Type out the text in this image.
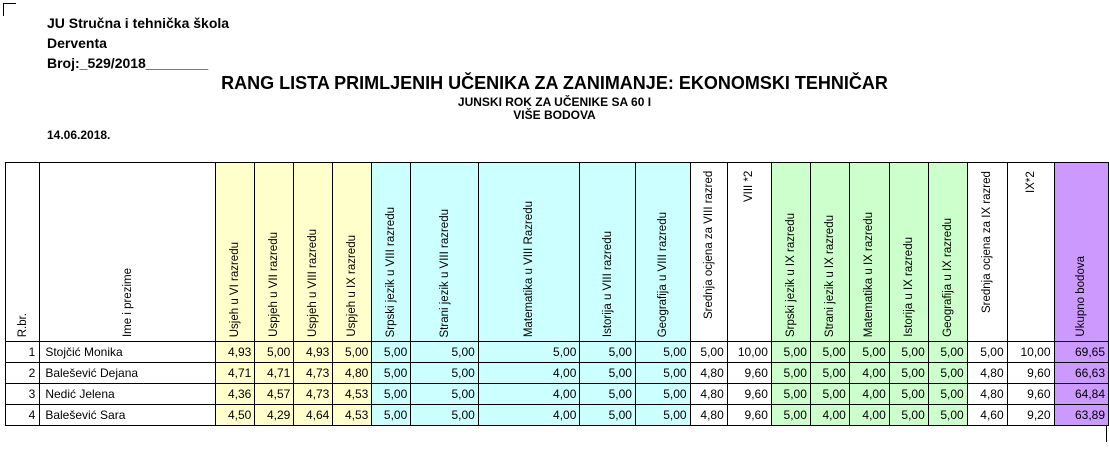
JU Stručna i tehnička škola
Derventa
Broj:_529/2018________
RANG LISTA PRIMLJENIH UČENIKA ZA ZANIMANJE: EKONOMSKI TEHNIČAR
JUNSKI ROK ZA UČENIKE SA 60 I
VIŠE BODOVA
14.06.2018.
R.br.	Ime i prezime	Usjeh u VI razredu	Uspjeh u VII razredu	Uspjeh u VIII razredu	Uspjeh u IX razredu	Srpski jezik u VIII razredu	Strani jezik u VIII razredu	Matematika u VIII Razredu	Istorija u VIII razredu	Geografija u VIII razredu	Srednja ocjena za VIII razred	VIII *2	Srpski jezik u IX razredu	Strani jezik u IX razredu	Matematika u IX razredu	Istorija u IX razredu	Geografija u IX razredu	Srednja ocjena za IX razred	IX*2	Ukupno bodova

1	Stojčić Monika	4,93	5,00	4,93	5,00	5,00	5,00	5,00	5,00	5,00	5,00	10,00	5,00	5,00	5,00	5,00	5,00	5,00	10,00	69,65
2	Balešević Dejana	4,71	4,71	4,73	4,80	5,00	5,00	4,00	5,00	5,00	4,80	9,60	5,00	5,00	4,00	5,00	5,00	4,80	9,60	66,63
3	Nedić Jelena	4,36	4,57	4,73	4,53	5,00	5,00	4,00	5,00	5,00	4,80	9,60	5,00	5,00	4,00	5,00	5,00	4,80	9,60	64,84
4	Balešević Sara	4,50	4,29	4,64	4,53	5,00	5,00	4,00	5,00	5,00	4,80	9,60	5,00	4,00	4,00	5,00	5,00	4,60	9,20	63,89
